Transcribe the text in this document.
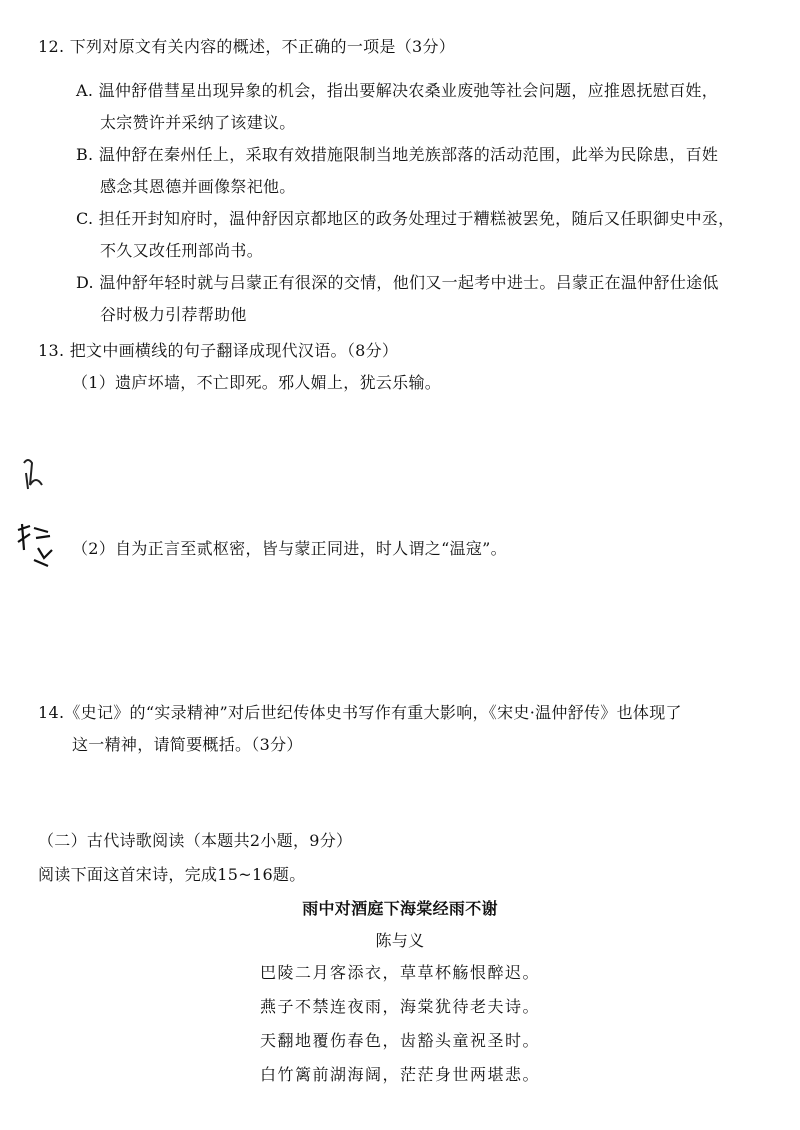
12. 下列对原文有关内容的概述，不正确的一项是（3分）
A. 温仲舒借彗星出现异象的机会，指出要解决农桑业废弛等社会问题，应推恩抚慰百姓，
太宗赞许并采纳了该建议。
B. 温仲舒在秦州任上，采取有效措施限制当地羌族部落的活动范围，此举为民除患，百姓
感念其恩德并画像祭祀他。
C. 担任开封知府时，温仲舒因京都地区的政务处理过于糟糕被罢免，随后又任职御史中丞，
不久又改任刑部尚书。
D. 温仲舒年轻时就与吕蒙正有很深的交情，他们又一起考中进士。吕蒙正在温仲舒仕途低
谷时极力引荐帮助他
13. 把文中画横线的句子翻译成现代汉语。（8分）
（1）遗庐坏墙，不亡即死。邪人媚上，犹云乐输。
（2）自为正言至贰枢密，皆与蒙正同进，时人谓之“温寇”。
14.《史记》的“实录精神”对后世纪传体史书写作有重大影响，《宋史·温仲舒传》也体现了
这一精神，请简要概括。（3分）
（二）古代诗歌阅读（本题共2小题，9分）
阅读下面这首宋诗，完成15~16题。
雨中对酒庭下海棠经雨不谢
陈与义
巴陵二月客添衣，草草杯觞恨醉迟。
燕子不禁连夜雨，海棠犹待老夫诗。
天翻地覆伤春色，齿豁头童祝圣时。
白竹篱前湖海阔，茫茫身世两堪悲。
